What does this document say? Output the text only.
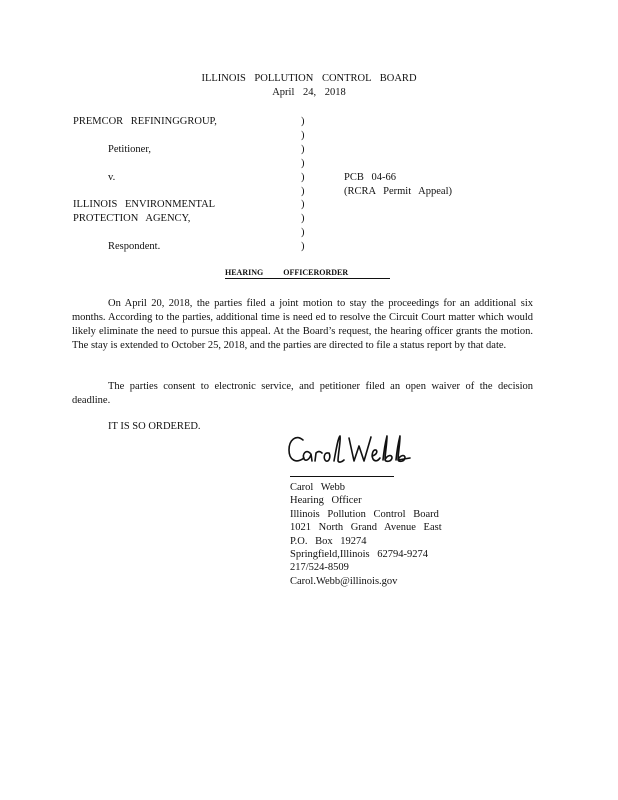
ILLINOIS POLLUTION CONTROL BOARD
April 24, 2018
PREMCOR REFININGGROUP,
Petitioner,
v.
ILLINOIS ENVIRONMENTAL
PROTECTION AGENCY,
Respondent.
)
)
)
)
)
)
)
)
)
)
PCB 04-66
(RCRA Permit Appeal)
HEARING OFFICERORDER
On April 20, 2018, the parties filed a joint motion to stay the proceedings for an additional six months. According to the parties, additional time is need ed to resolve the Circuit Court matter which would likely eliminate the need to pursue this appeal. At the Board’s request, the hearing officer grants the motion. The stay is extended to October 25, 2018, and the parties are directed to file a status report by that date.
The parties consent to electronic service, and petitioner filed an open waiver of the decision deadline.
IT IS SO ORDERED.
Carol Webb
Hearing Officer
Illinois Pollution Control Board
1021 North Grand Avenue East
P.O. Box 19274
Springfield,Illinois 62794-9274
217/524-8509
Carol.Webb@illinois.gov
